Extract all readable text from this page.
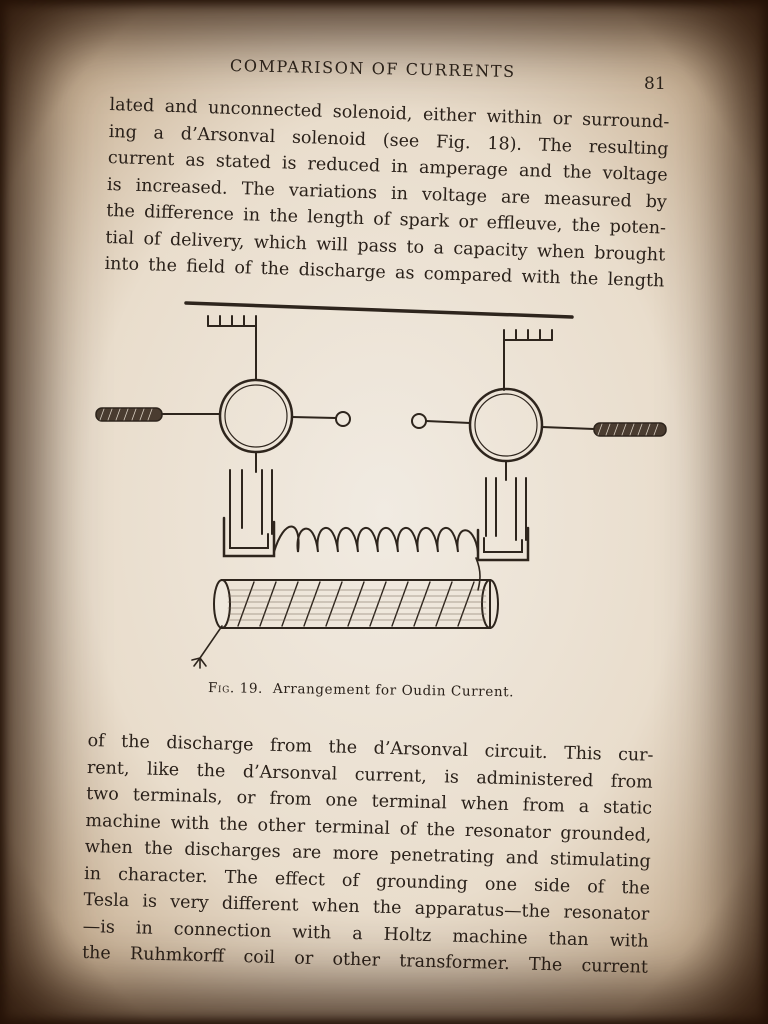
COMPARISON OF CURRENTS
81
lated and unconnected solenoid, either within or surround-
ing a d’Arsonval solenoid (see Fig. 18). The resulting
current as stated is reduced in amperage and the voltage
is increased. The variations in voltage are measured by
the difference in the length of spark or effleuve, the poten-
tial of delivery, which will pass to a capacity when brought
into the field of the discharge as compared with the length
Fig. 19. Arrangement for Oudin Current.
of the discharge from the d’Arsonval circuit. This cur-
rent, like the d’Arsonval current, is administered from
two terminals, or from one terminal when from a static
machine with the other terminal of the resonator grounded,
when the discharges are more penetrating and stimulating
in character. The effect of grounding one side of the
Tesla is very different when the apparatus—the resonator
—is in connection with a Holtz machine than with
the Ruhmkorff coil or other transformer. The current
